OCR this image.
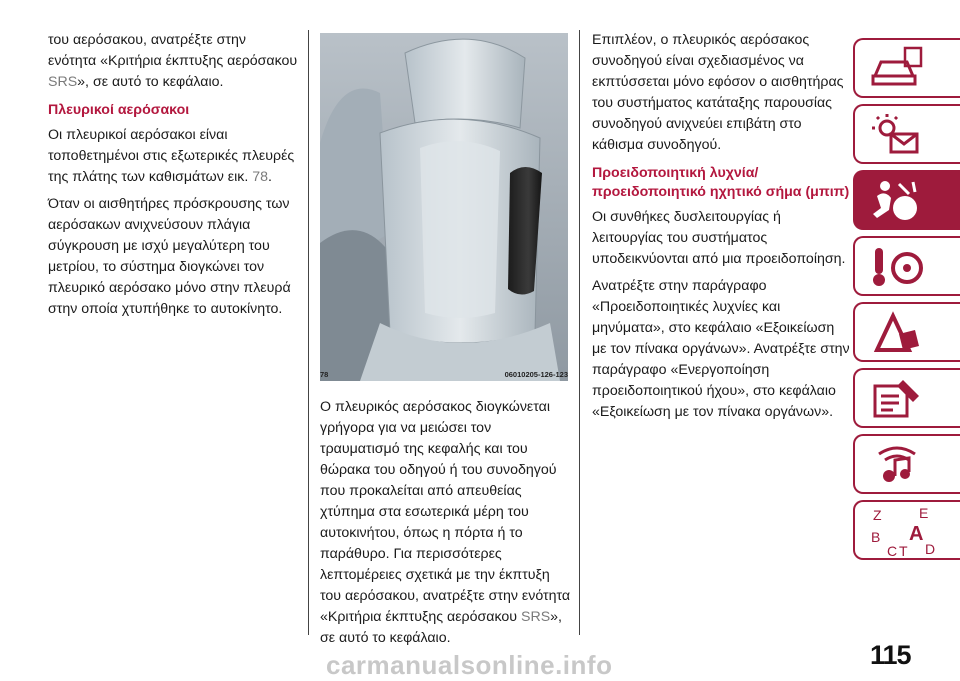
του αερόσακου, ανατρέξτε στην ενότητα «Κριτήρια έκπτυξης αερόσακου SRS», σε αυτό το κεφάλαιο.

Πλευρικοί αερόσακοι

Οι πλευρικοί αερόσακοι είναι τοποθετημένοι στις εξωτερικές πλευρές της πλάτης των καθισμάτων εικ. 78.

Όταν οι αισθητήρες πρόσκρουσης των αερόσακων ανιχνεύσουν πλάγια σύγκρουση με ισχύ μεγαλύτερη του μετρίου, το σύστημα διογκώνει τον πλευρικό αερόσακο μόνο στην πλευρά στην οποία χτυπήθηκε το αυτοκίνητο.

78	06010205-126-123

Ο πλευρικός αερόσακος διογκώνεται γρήγορα για να μειώσει τον τραυματισμό της κεφαλής και του θώρακα του οδηγού ή του συνοδηγού που προκαλείται από απευθείας χτύπημα στα εσωτερικά μέρη του αυτοκινήτου, όπως η πόρτα ή το παράθυρο. Για περισσότερες λεπτομέρειες σχετικά με την έκπτυξη του αερόσακου, ανατρέξτε στην ενότητα «Κριτήρια έκπτυξης αερόσακου SRS», σε αυτό το κεφάλαιο.

Επιπλέον, ο πλευρικός αερόσακος συνοδηγού είναι σχεδιασμένος να εκπτύσσεται μόνο εφόσον ο αισθητήρας του συστήματος κατάταξης παρουσίας συνοδηγού ανιχνεύει επιβάτη στο κάθισμα συνοδηγού.

Προειδοποιητική λυχνία/ προειδοποιητικό ηχητικό σήμα (μπιπ)

Οι συνθήκες δυσλειτουργίας ή λειτουργίας του συστήματος υποδεικνύονται από μια προειδοποίηση.

Ανατρέξτε στην παράγραφο «Προειδοποιητικές λυχνίες και μηνύματα», στο κεφάλαιο «Εξοικείωση με τον πίνακα οργάνων». Ανατρέξτε στην παράγραφο «Ενεργοποίηση προειδοποιητικού ήχου», στο κεφάλαιο «Εξοικείωση με τον πίνακα οργάνων».

Z	E
B
C T
A
D
115
carmanualsonline.info
